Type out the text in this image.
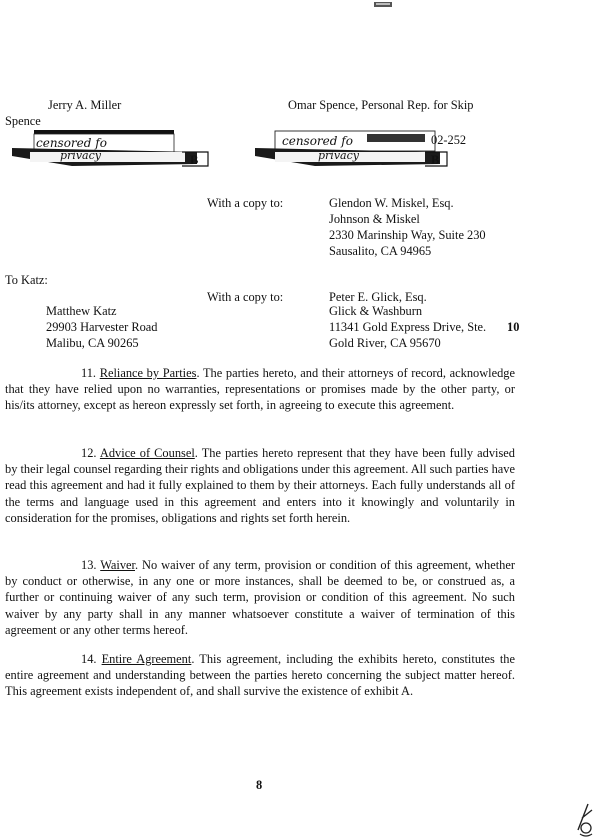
Jerry A. Miller
Spence
Omar Spence, Personal Rep. for Skip
censored fo
privacy	B
censored fo
privacy	B
02-252
With a copy to:	Glendon W. Miskel, Esq.
Johnson & Miskel
2330 Marinship Way, Suite 230
Sausalito, CA 94965
To Katz:
With a copy to:
Matthew Katz
29903 Harvester Road
Malibu, CA 90265
Peter E. Glick, Esq.
Glick & Washburn
11341 Gold Express Drive, Ste. 10
Gold River, CA 95670
11. Reliance by Parties. The parties hereto, and their attorneys of record, acknowledge that they have relied upon no warranties, representations or promises made by the other party, or his/its attorney, except as hereon expressly set forth, in agreeing to execute this agreement.
12. Advice of Counsel. The parties hereto represent that they have been fully advised by their legal counsel regarding their rights and obligations under this agreement. All such parties have read this agreement and had it fully explained to them by their attorneys. Each fully understands all of the terms and language used in this agreement and enters into it knowingly and voluntarily in consideration for the promises, obligations and rights set forth herein.
13. Waiver. No waiver of any term, provision or condition of this agreement, whether by conduct or otherwise, in any one or more instances, shall be deemed to be, or construed as, a further or continuing waiver of any such term, provision or condition of this agreement. No such waiver by any party shall in any manner whatsoever constitute a waiver of termination of this agreement or any other terms hereof.
14. Entire Agreement. This agreement, including the exhibits hereto, constitutes the entire agreement and understanding between the parties hereto concerning the subject matter hereof. This agreement exists independent of, and shall survive the existence of exhibit A.
8
